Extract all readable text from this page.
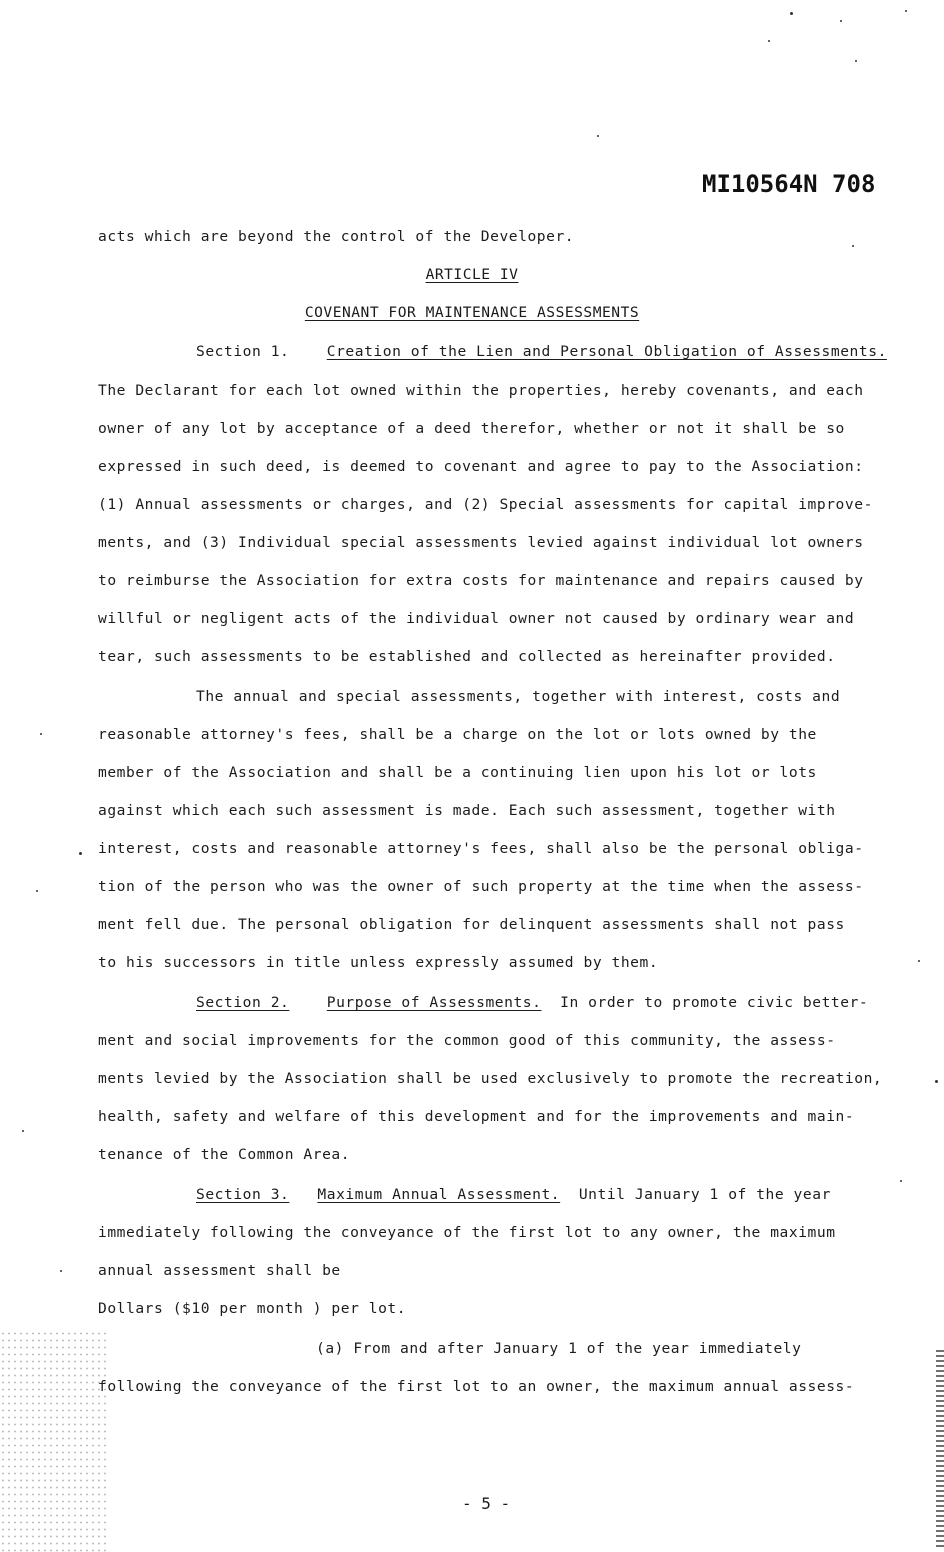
MI10564N 708
acts which are beyond the control of the Developer.
ARTICLE IV
COVENANT FOR MAINTENANCE ASSESSMENTS
Section 1.	Creation of the Lien and Personal Obligation of Assessments.
The Declarant for each lot owned within the properties, hereby covenants, and each
owner of any lot by acceptance of a deed therefor, whether or not it shall be so
expressed in such deed, is deemed to covenant and agree to pay to the Association:
(1) Annual assessments or charges, and (2) Special assessments for capital improve-
ments, and (3) Individual special assessments levied against individual lot owners
to reimburse the Association for extra costs for maintenance and repairs caused by
willful or negligent acts of the individual owner not caused by ordinary wear and
tear, such assessments to be established and collected as hereinafter provided.
The annual and special assessments, together with interest, costs and
reasonable attorney's fees, shall be a charge on the lot or lots owned by the
member of the Association and shall be a continuing lien upon his lot or lots
against which each such assessment is made. Each such assessment, together with
interest, costs and reasonable attorney's fees, shall also be the personal obliga-
tion of the person who was the owner of such property at the time when the assess-
ment fell due. The personal obligation for delinquent assessments shall not pass
to his successors in title unless expressly assumed by them.
Section 2.	Purpose of Assessments. In order to promote civic better-
ment and social improvements for the common good of this community, the assess-
ments levied by the Association shall be used exclusively to promote the recreation,
health, safety and welfare of this development and for the improvements and main-
tenance of the Common Area.
Section 3. Maximum Annual Assessment. Until January 1 of the year
immediately following the conveyance of the first lot to any owner, the maximum
annual assessment shall be
Dollars ($10 per month ) per lot.
(a) From and after January 1 of the year immediately
following the conveyance of the first lot to an owner, the maximum annual assess-
- 5 -
